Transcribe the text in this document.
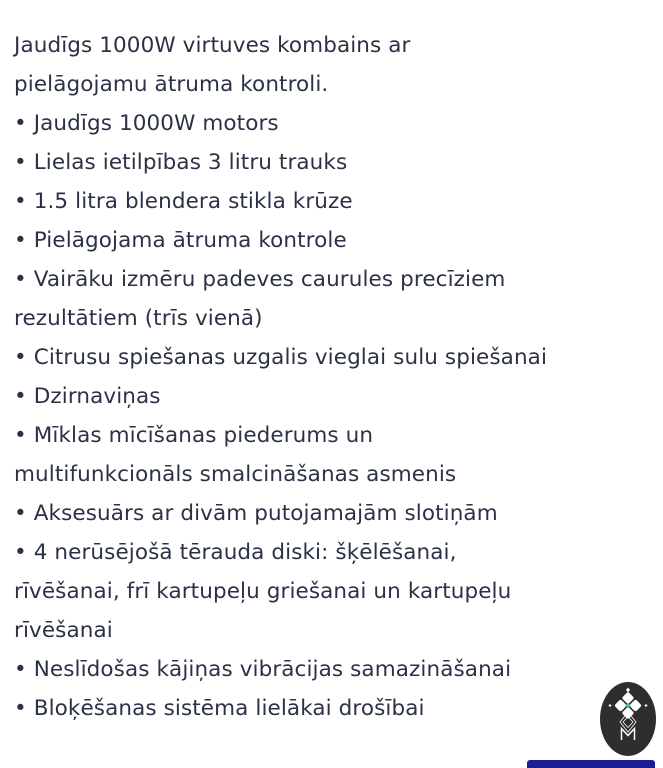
Jaudīgs 1000W virtuves kombains ar
pielāgojamu ātruma kontroli.
• Jaudīgs 1000W motors
• Lielas ietilpības 3 litru trauks
• 1.5 litra blendera stikla krūze
• Pielāgojama ātruma kontrole
• Vairāku izmēru padeves caurules precīziem
rezultātiem (trīs vienā)
• Citrusu spiešanas uzgalis vieglai sulu spiešanai
• Dzirnaviņas
• Mīklas mīcīšanas piederums un
multifunkcionāls smalcināšanas asmenis
• Aksesuārs ar divām putojamajām slotiņām
• 4 nerūsējošā tērauda diski: šķēlēšanai,
rīvēšanai, frī kartupeļu griešanai un kartupeļu
rīvēšanai
• Neslīdošas kājiņas vibrācijas samazināšanai
• Bloķēšanas sistēma lielākai drošībai
